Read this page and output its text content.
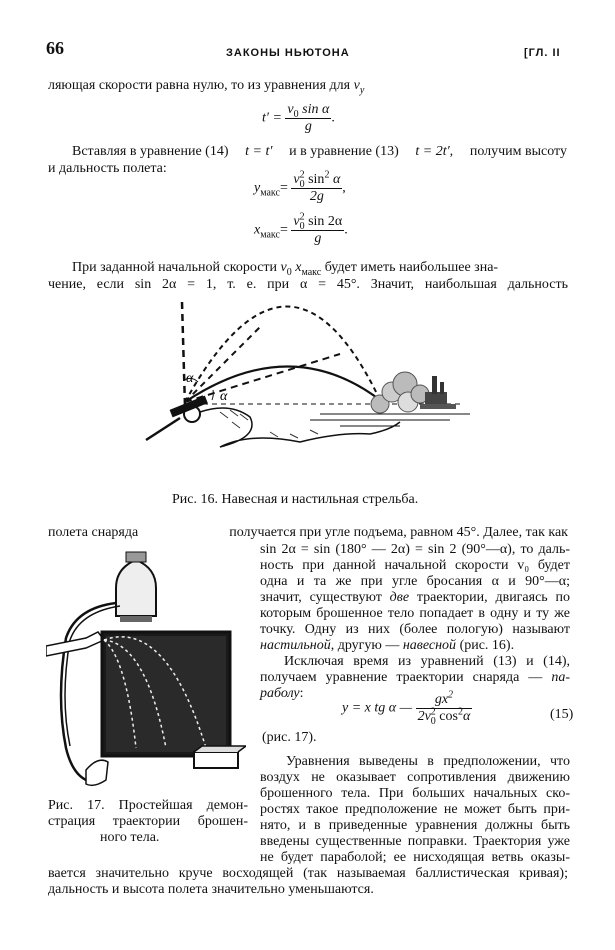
66	ЗАКОНЫ НЬЮТОНА	[ГЛ. II
ляющая скорости равна нулю, то из уравнения для $v_y$
$t' = \frac{v_0 \sin \alpha}{g}$ .
Вставляя в уравнение (14) t = t′ и в уравнение (13) t = 2t′, получим высоту
и дальность полета:
$y_{макс}= \frac{v^2_0 \sin^2 \alpha}{2g}$ ,
$x_{макс}= \frac{v^2_0 \sin 2\alpha}{g}$ .
При заданной начальной скорости $v_0$ $x_{макс}$ будет иметь наибольшее зна-
чение, если sin 2α = 1, т. е. при α = 45°. Значит, наибольшая дальность
α
α
Рис. 16. Навесная и настильная стрельба.
полета снаряда	получается при угле подъема, равном 45°. Далее, так как
Рис. 17. Простейшая демон-
страция траектории брошен-
ного тела.
sin 2α = sin (180° — 2α) = sin 2 (90°—α), то даль-
ность при данной начальной скорости v₀ будет
одна и та же при угле бросания α и 90°—α;
значит, существуют две траектории, двигаясь по
которым брошенное тело попадает в одну и ту же
точку. Одну из них (более пологую) называют
настильной, другую — навесной (рис. 16).
Исключая время из уравнений (13) и (14),
получаем уравнение траектории снаряда — па-
раболу:
y = x tg α — $\frac{gx^2}{2v^2_0 \cos^2\alpha}$	(15)
(рис. 17).
Уравнения выведены в предположении, что
воздух не оказывает сопротивления движению
брошенного тела. При больших начальных ско-
ростях такое предположение не может быть при-
нято, и в приведенные уравнения должны быть
введены существенные поправки. Траектория уже
не будет параболой; ее нисходящая ветвь оказы-
вается значительно круче восходящей (так называемая баллистическая кривая);
дальность и высота полета значительно уменьшаются.
